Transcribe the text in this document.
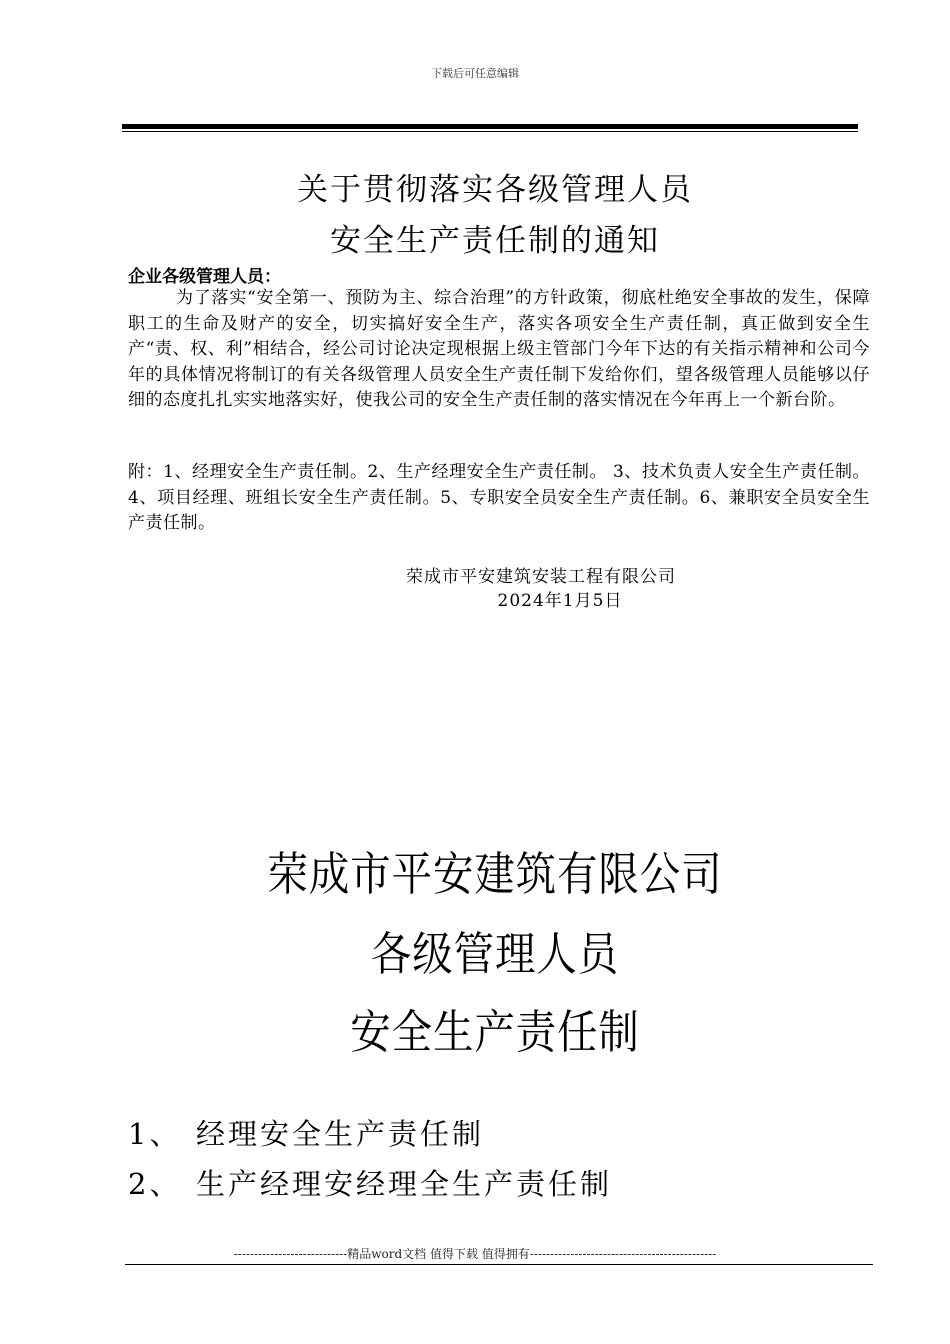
下载后可任意编辑
关于贯彻落实各级管理人员
安全生产责任制的通知
企业各级管理人员：
为了落实“安全第一、预防为主、综合治理”的方针政策，彻底杜绝安全事故的发生，保障职工的生命及财产的安全，切实搞好安全生产，落实各项安全生产责任制，真正做到安全生产“责、权、利”相结合，经公司讨论决定现根据上级主管部门今年下达的有关指示精神和公司今年的具体情况将制订的有关各级管理人员安全生产责任制下发给你们，望各级管理人员能够以仔细的态度扎扎实实地落实好，使我公司的安全生产责任制的落实情况在今年再上一个新台阶。
附：1、经理安全生产责任制。2、生产经理安全生产责任制。 3、技术负责人安全生产责任制。4、项目经理、班组长安全生产责任制。5、专职安全员安全生产责任制。6、兼职安全员安全生产责任制。
荣成市平安建筑安装工程有限公司
2024年1月5日
荣成市平安建筑有限公司
各级管理人员
安全生产责任制
1、 经理安全生产责任制
2、 生产经理安经理全生产责任制
----------------------------精品word文档 值得下载 值得拥有----------------------------------------------
